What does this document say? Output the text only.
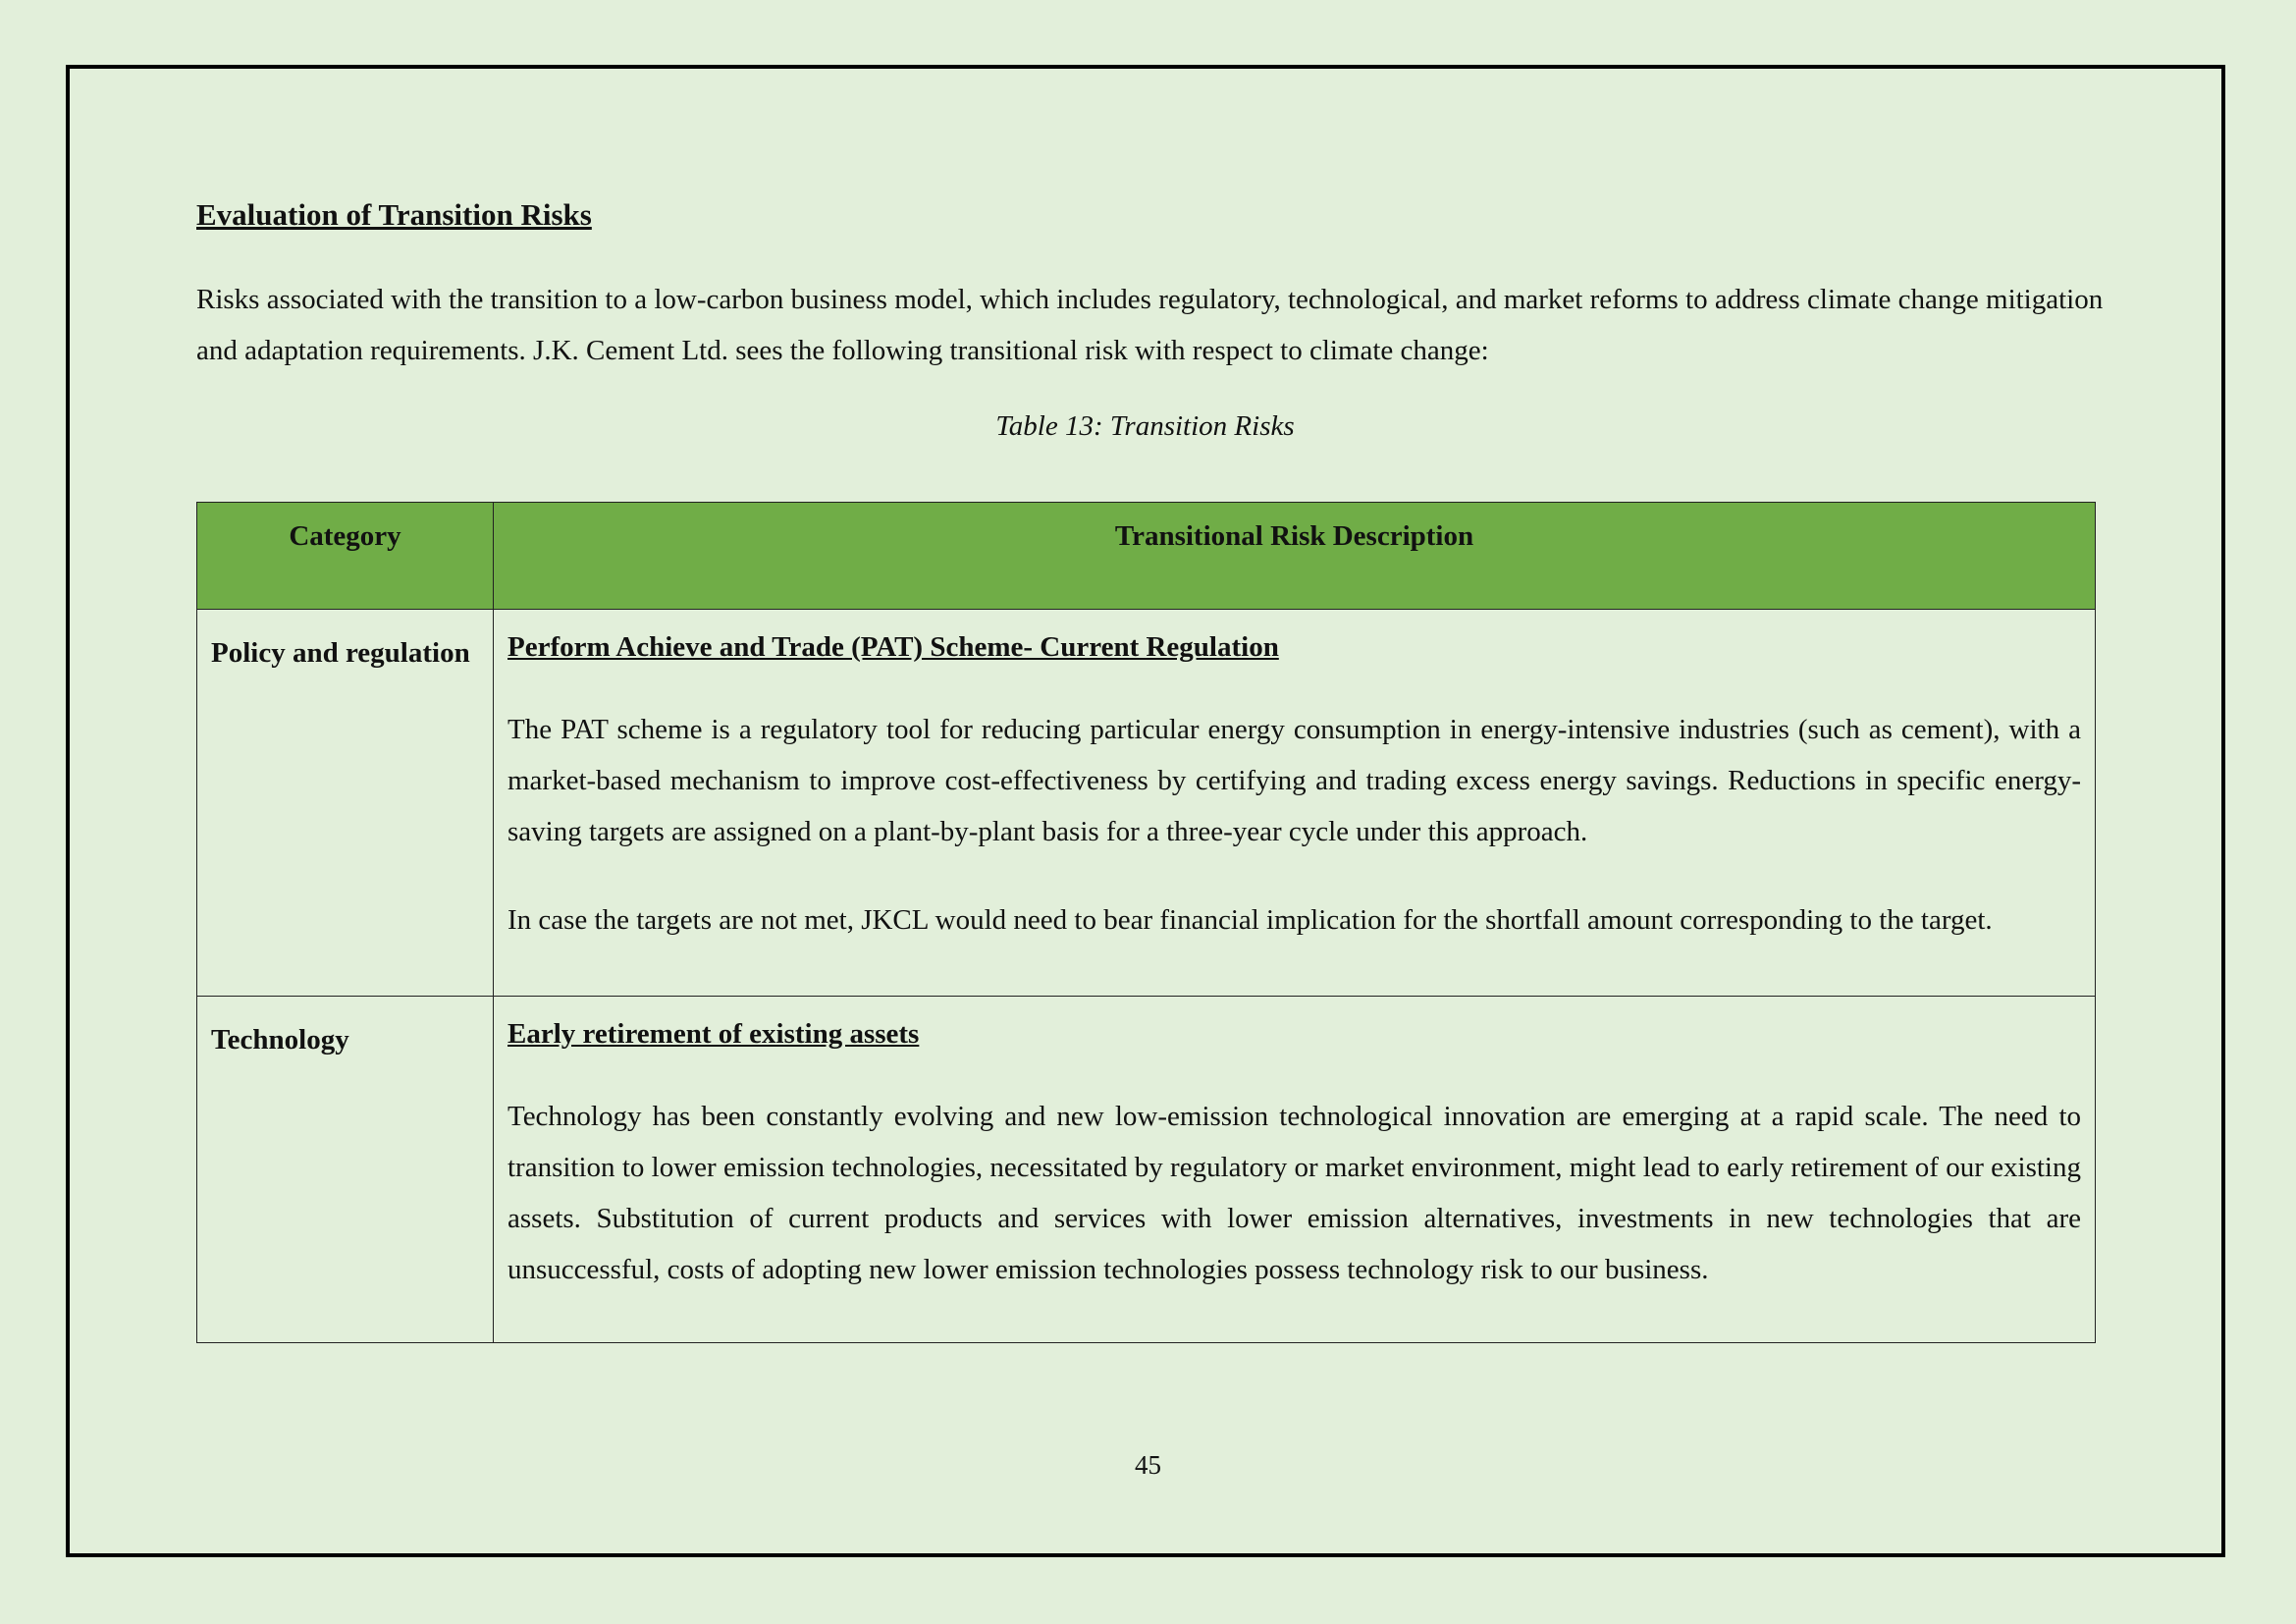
Evaluation of Transition Risks

Risks associated with the transition to a low-carbon business model, which includes regulatory, technological, and market reforms to address climate change mitigation and adaptation requirements. J.K. Cement Ltd. sees the following transitional risk with respect to climate change:

Table 13: Transition Risks

Category	Transitional Risk Description
Policy and regulation	Perform Achieve and Trade (PAT) Scheme- Current Regulation

The PAT scheme is a regulatory tool for reducing particular energy consumption in energy-intensive industries (such as cement), with a market-based mechanism to improve cost-effectiveness by certifying and trading excess energy savings. Reductions in specific energy-saving targets are assigned on a plant-by-plant basis for a three-year cycle under this approach.

In case the targets are not met, JKCL would need to bear financial implication for the shortfall amount corresponding to the target.

Technology	Early retirement of existing assets

Technology has been constantly evolving and new low-emission technological innovation are emerging at a rapid scale. The need to transition to lower emission technologies, necessitated by regulatory or market environment, might lead to early retirement of our existing assets. Substitution of current products and services with lower emission alternatives, investments in new technologies that are unsuccessful, costs of adopting new lower emission technologies possess technology risk to our business.

45
